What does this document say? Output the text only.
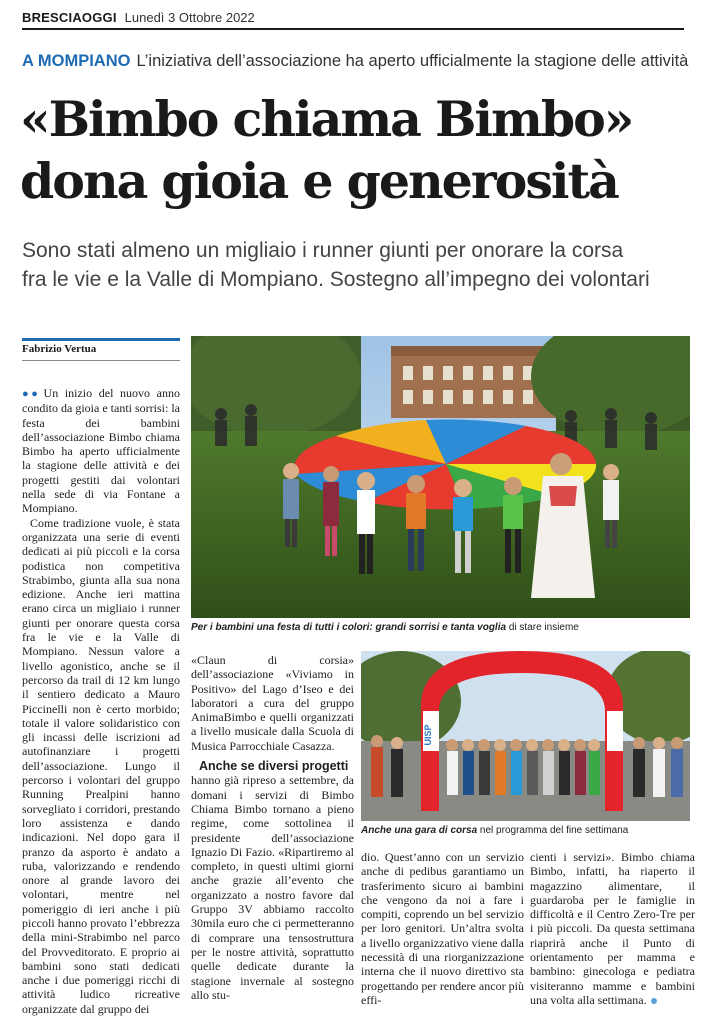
BRESCIAOGGI Lunedì 3 Ottobre 2022
A MOMPIANO L’iniziativa dell’associazione ha aperto ufficialmente la stagione delle attività
«Bimbo chiama Bimbo»
dona gioia e generosità
Sono stati almeno un migliaio i runner giunti per onorare la corsa
fra le vie e la Valle di Mompiano. Sostegno all’impegno dei volontari
Fabrizio Vertua

●● Un inizio del nuovo anno condito da gioia e tanti sorrisi: la festa dei bambini dell’associazione Bimbo chiama Bimbo ha aperto ufficialmente la stagione delle attività e dei progetti gestiti dai volontari nella sede di via Fontane a Mompiano.

Come tradizione vuole, è stata organizzata una serie di eventi dedicati ai più piccoli e la corsa podistica non competitiva Strabimbo, giunta alla sua nona edizione. Anche ieri mattina erano circa un migliaio i runner giunti per onorare questa corsa fra le vie e la Valle di Mompiano. Nessun valore a livello agonistico, anche se il percorso da trail di 12 km lungo il sentiero dedicato a Mauro Piccinelli non è certo morbido; totale il valore solidaristico con gli incassi delle iscrizioni ad autofinanziare i progetti dell’associazione. Lungo il percorso i volontari del gruppo Running Prealpini hanno sorvegliato i corridori, prestando loro assistenza e dando indicazioni. Nel dopo gara il pranzo da asporto è andato a ruba, valorizzando e rendendo onore al grande lavoro dei volontari, mentre nel pomeriggio di ieri anche i più piccoli hanno provato l’ebbrezza della mini-Strabimbo nel parco del Provveditorato. E proprio ai bambini sono stati dedicati anche i due pomeriggi ricchi di attività ludico ricreative organizzate dal gruppo dei

«Claun di corsia» dell’associazione «Viviamo in Positivo» del Lago d’Iseo e dei laboratori a cura del gruppo AnimaBimbo e quelli organizzati a livello musicale dalla Scuola di Musica Parrocchiale Casazza.

Anche se diversi progetti

hanno già ripreso a settembre, da domani i servizi di Bimbo Chiama Bimbo tornano a pieno regime, come sottolinea il presidente dell’associazione Ignazio Di Fazio. «Ripartiremo al completo, in questi ultimi giorni anche grazie all’evento che organizzato a nostro favore dal Gruppo 3V abbiamo raccolto 30mila euro che ci permetteranno di comprare una tensostruttura per le nostre attività, soprattutto quelle dedicate durante la stagione invernale al sostegno allo stu-

dio. Quest’anno con un servizio anche di pedibus garantiamo un trasferimento sicuro ai bambini che vengono da noi a fare i compiti, coprendo un bel servizio per loro genitori. Un’altra svolta a livello organizzativo viene dalla necessità di una riorganizzazione interna che il nuovo direttivo sta progettando per rendere ancor più effi-

cienti i servizi». Bimbo chiama Bimbo, infatti, ha riaperto il magazzino alimentare, il guardaroba per le famiglie in difficoltà e il Centro Zero-Tre per i più piccoli. Da questa settimana riaprirà anche il Punto di orientamento per mamma e bambino: ginecologa e pediatra visiteranno mamme e bambini una volta alla settimana.

Per i bambini una festa di tutti i colori: grandi sorrisi e tanta voglia di stare insieme
UISP
Anche una gara di corsa nel programma del fine settimana
